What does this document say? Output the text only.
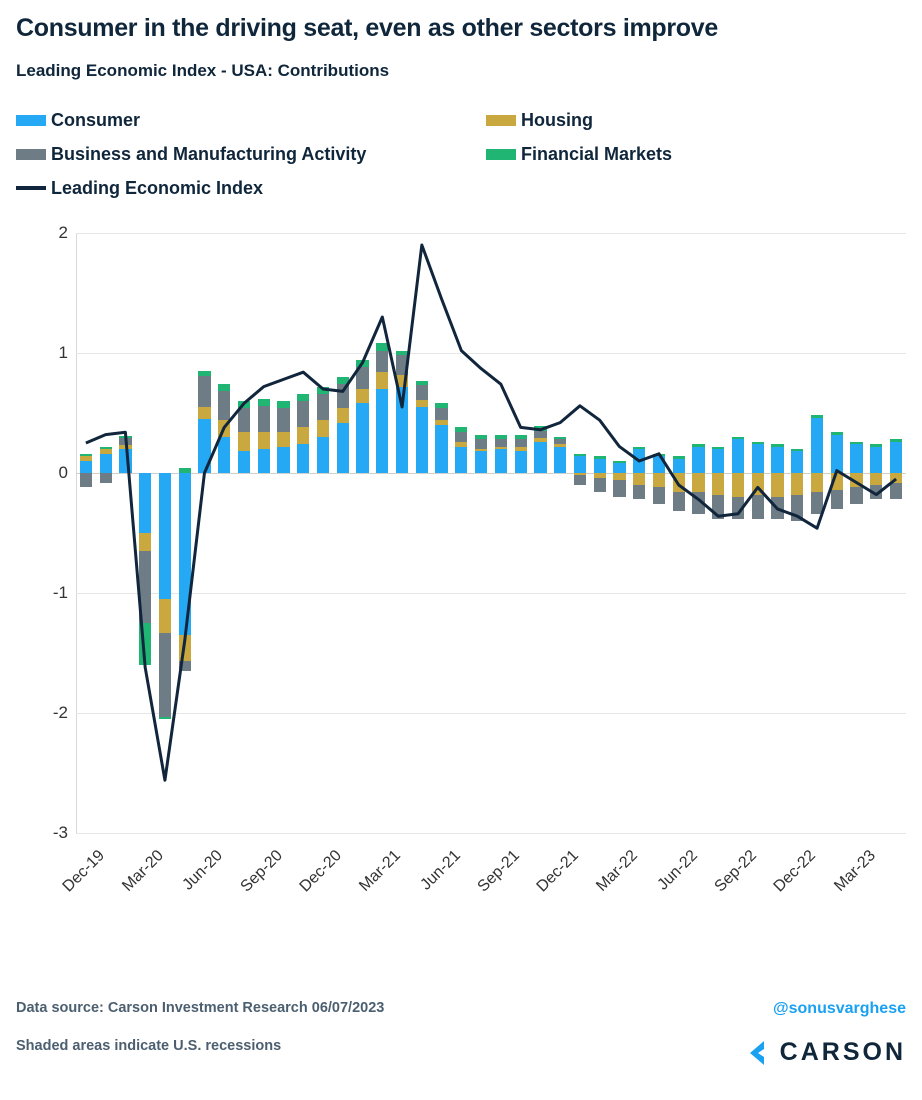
Consumer in the driving seat, even as other sectors improve
Leading Economic Index - USA: Contributions
Consumer	Housing
Business and Manufacturing Activity	Financial Markets
Leading Economic Index
2
1
0
-1
-2
-3
Dec-19 Mar-20 Jun-20 Sep-20 Dec-20 Mar-21 Jun-21 Sep-21 Dec-21 Mar-22 Jun-22 Sep-22 Dec-22 Mar-23
Data source: Carson Investment Research 06/07/2023
Shaded areas indicate U.S. recessions
@sonusvarghese
CARSON
